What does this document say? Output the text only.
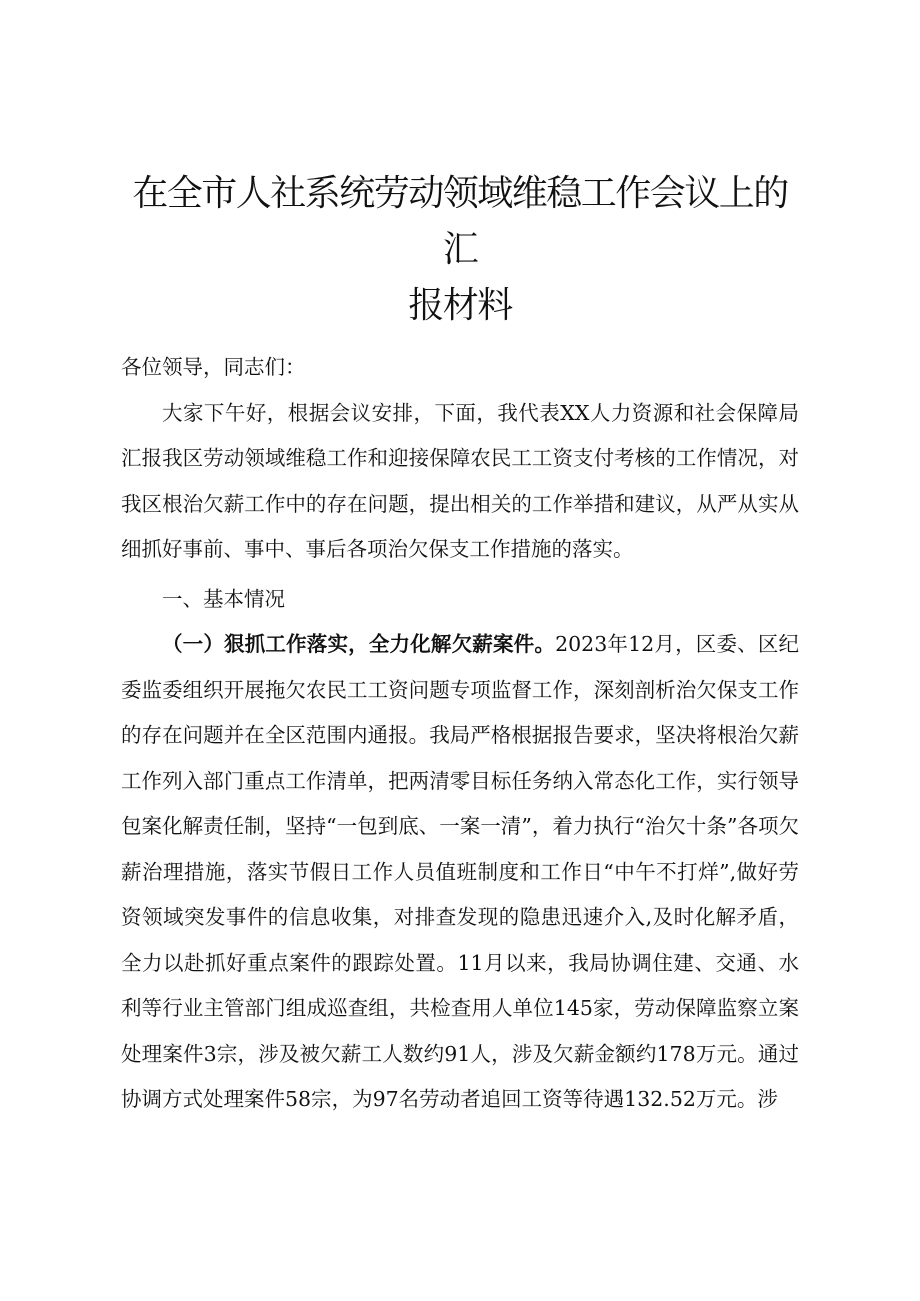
在全市人社系统劳动领域维稳工作会议上的汇
报材料

各位领导，同志们：

大家下午好，根据会议安排，下面，我代表XX人力资源和社会保障局汇报我区劳动领域维稳工作和迎接保障农民工工资支付考核的工作情况，对我区根治欠薪工作中的存在问题，提出相关的工作举措和建议，从严从实从细抓好事前、事中、事后各项治欠保支工作措施的落实。

一、基本情况

（一）狠抓工作落实，全力化解欠薪案件。2023年12月，区委、区纪委监委组织开展拖欠农民工工资问题专项监督工作，深刻剖析治欠保支工作的存在问题并在全区范围内通报。我局严格根据报告要求，坚决将根治欠薪工作列入部门重点工作清单，把两清零目标任务纳入常态化工作，实行领导包案化解责任制，坚持“一包到底、一案一清”，着力执行“治欠十条”各项欠薪治理措施，落实节假日工作人员值班制度和工作日“中午不打烊”,做好劳资领域突发事件的信息收集，对排查发现的隐患迅速介入,及时化解矛盾，全力以赴抓好重点案件的跟踪处置。11月以来，我局协调住建、交通、水利等行业主管部门组成巡查组，共检查用人单位145家，劳动保障监察立案处理案件3宗，涉及被欠薪工人数约91人，涉及欠薪金额约178万元。通过协调方式处理案件58宗，为97名劳动者追回工资等待遇132.52万元。涉
